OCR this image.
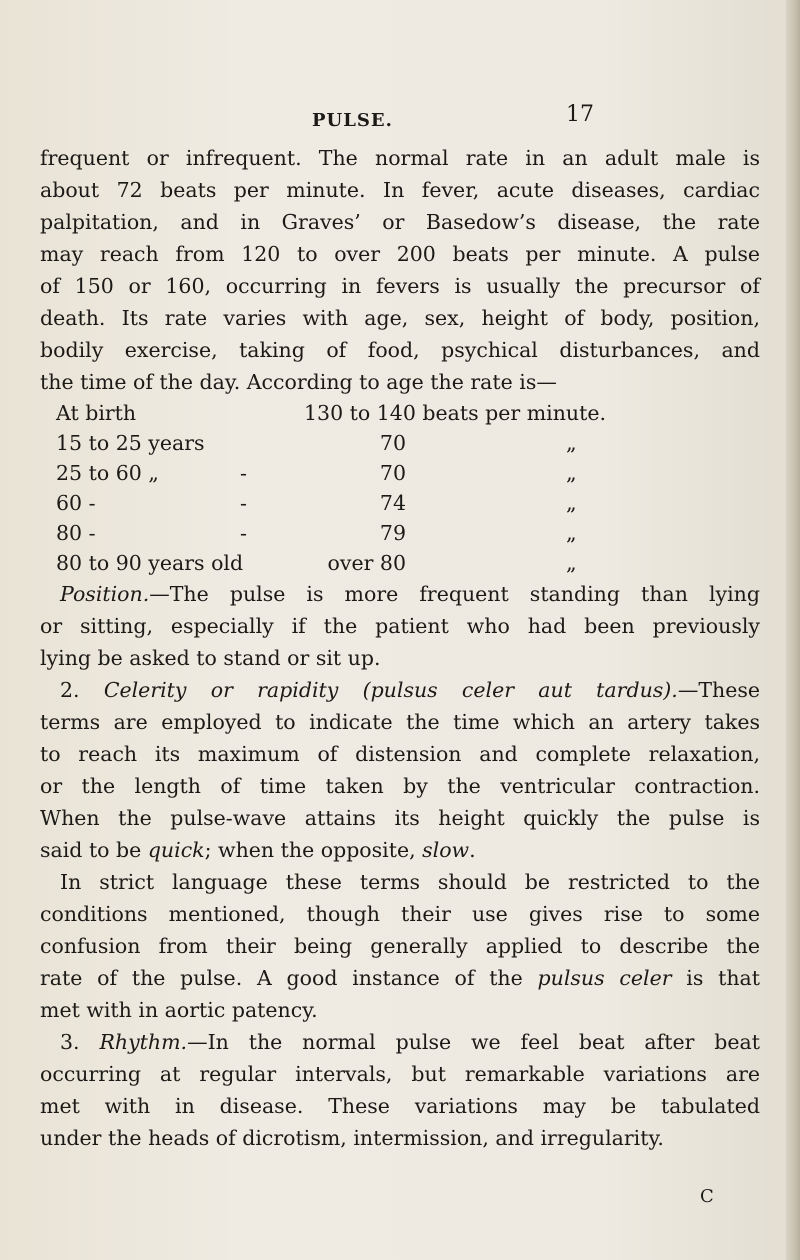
PULSE.	17

frequent or infrequent. The normal rate in an adult male is

about 72 beats per minute. In fever, acute diseases, cardiac

palpitation, and in Graves’ or Basedow’s disease, the rate

may reach from 120 to over 200 beats per minute. A pulse

of 150 or 160, occurring in fevers is usually the precursor of

death. Its rate varies with age, sex, height of body, position,

bodily exercise, taking of food, psychical disturbances, and

the time of the day. According to age the rate is—

At birth	130 to 140 beats per minute.
15 to 25 years	70	„
25 to 60 „	-	70	„
60 -	-	74	„
80 -	-	79	„
80 to 90 years old	over 80	„

Position.—The pulse is more frequent standing than lying

or sitting, especially if the patient who had been previously

lying be asked to stand or sit up.

2. Celerity or rapidity (pulsus celer aut tardus).—These

terms are employed to indicate the time which an artery takes

to reach its maximum of distension and complete relaxation,

or the length of time taken by the ventricular contraction.

When the pulse-wave attains its height quickly the pulse is

said to be quick; when the opposite, slow.

In strict language these terms should be restricted to the

conditions mentioned, though their use gives rise to some

confusion from their being generally applied to describe the

rate of the pulse. A good instance of the pulsus celer is that

met with in aortic patency.

3. Rhythm.—In the normal pulse we feel beat after beat

occurring at regular intervals, but remarkable variations are

met with in disease. These variations may be tabulated

under the heads of dicrotism, intermission, and irregularity.

C
